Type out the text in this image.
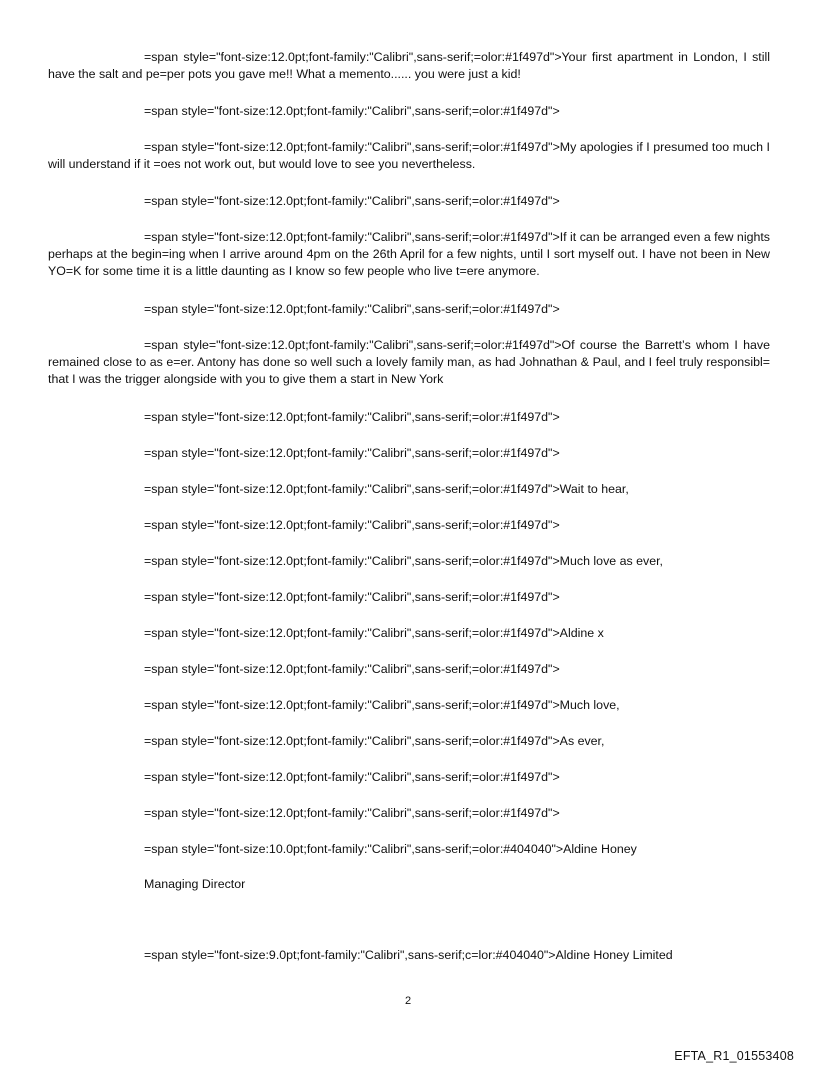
=span style="font-size:12.0pt;font-family:"Calibri",sans-serif;=olor:#1f497d">Your first apartment in London, I still have the salt and pe=per pots you gave me!! What a memento...... you were just a kid!
=span style="font-size:12.0pt;font-family:"Calibri",sans-serif;=olor:#1f497d">
=span style="font-size:12.0pt;font-family:"Calibri",sans-serif;=olor:#1f497d">My apologies if I presumed too much I will understand if it =oes not work out, but would love to see you nevertheless.
=span style="font-size:12.0pt;font-family:"Calibri",sans-serif;=olor:#1f497d">
=span style="font-size:12.0pt;font-family:"Calibri",sans-serif;=olor:#1f497d">If it can be arranged even a few nights perhaps at the begin=ing when I arrive around 4pm on the 26th April for a few nights, until I sort myself out. I have not been in New YO=K for some time it is a little daunting as I know so few people who live t=ere anymore.
=span style="font-size:12.0pt;font-family:"Calibri",sans-serif;=olor:#1f497d">
=span style="font-size:12.0pt;font-family:"Calibri",sans-serif;=olor:#1f497d">Of course the Barrett’s whom I have remained close to as e=er. Antony has done so well such a lovely family man, as had Johnathan & Paul, and I feel truly responsibl= that I was the trigger alongside with you to give them a start in New York
=span style="font-size:12.0pt;font-family:"Calibri",sans-serif;=olor:#1f497d">
=span style="font-size:12.0pt;font-family:"Calibri",sans-serif;=olor:#1f497d">
=span style="font-size:12.0pt;font-family:"Calibri",sans-serif;=olor:#1f497d">Wait to hear,
=span style="font-size:12.0pt;font-family:"Calibri",sans-serif;=olor:#1f497d">
=span style="font-size:12.0pt;font-family:"Calibri",sans-serif;=olor:#1f497d">Much love as ever,
=span style="font-size:12.0pt;font-family:"Calibri",sans-serif;=olor:#1f497d">
=span style="font-size:12.0pt;font-family:"Calibri",sans-serif;=olor:#1f497d">Aldine x
=span style="font-size:12.0pt;font-family:"Calibri",sans-serif;=olor:#1f497d">
=span style="font-size:12.0pt;font-family:"Calibri",sans-serif;=olor:#1f497d">Much love,
=span style="font-size:12.0pt;font-family:"Calibri",sans-serif;=olor:#1f497d">As ever,
=span style="font-size:12.0pt;font-family:"Calibri",sans-serif;=olor:#1f497d">
=span style="font-size:12.0pt;font-family:"Calibri",sans-serif;=olor:#1f497d">
=span style="font-size:10.0pt;font-family:"Calibri",sans-serif;=olor:#404040">Aldine Honey
Managing Director
=span style="font-size:9.0pt;font-family:"Calibri",sans-serif;c=lor:#404040">Aldine Honey Limited
2
EFTA_R1_01553408
